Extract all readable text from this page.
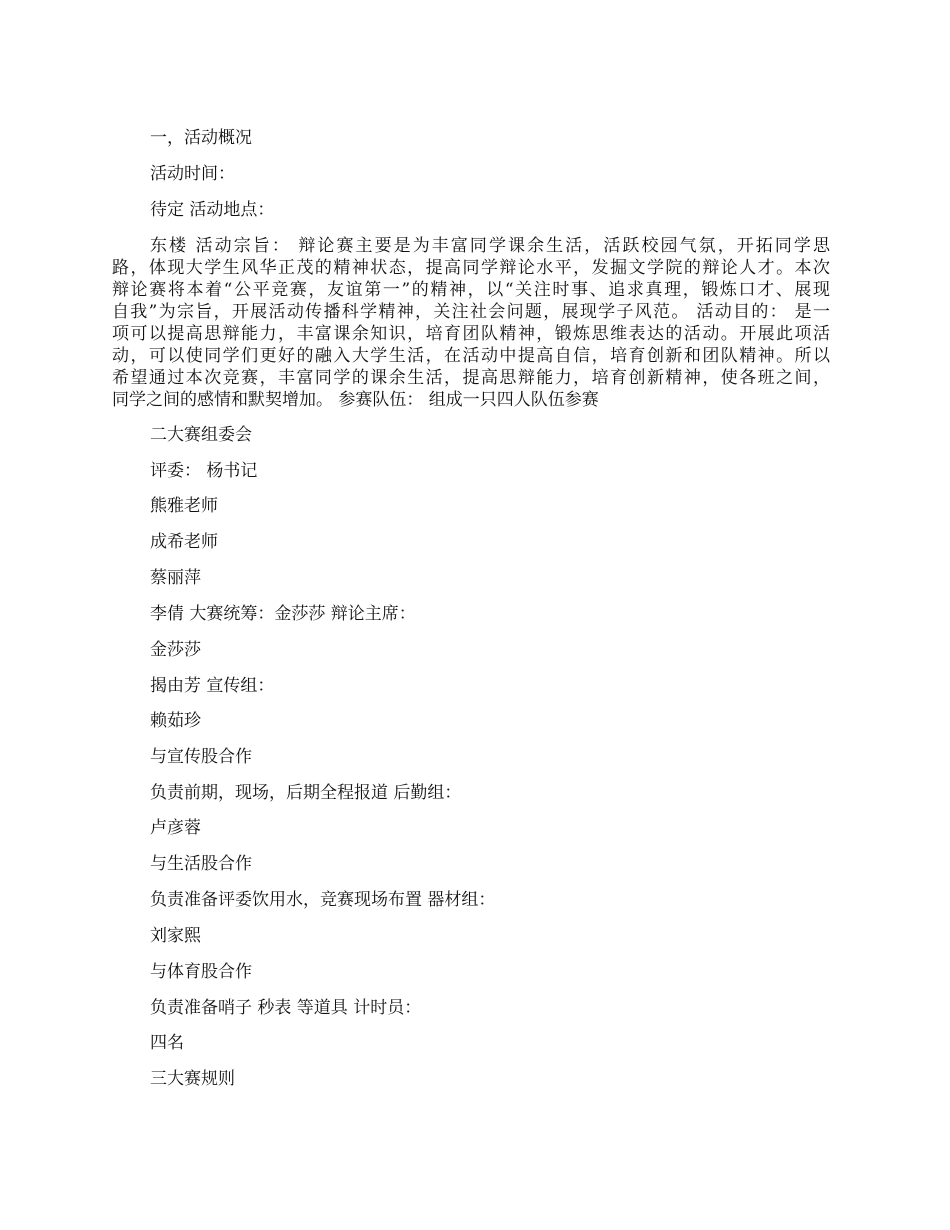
一，活动概况
活动时间：
待定 活动地点：
东楼 活动宗旨： 辩论赛主要是为丰富同学课余生活，活跃校园气氛，开拓同学思
路，体现大学生风华正茂的精神状态，提高同学辩论水平，发掘文学院的辩论人才。本次
辩论赛将本着“公平竞赛，友谊第一”的精神，以“关注时事、追求真理，锻炼口才、展现
自我”为宗旨，开展活动传播科学精神，关注社会问题，展现学子风范。 活动目的： 是一
项可以提高思辩能力，丰富课余知识，培育团队精神，锻炼思维表达的活动。开展此项活
动，可以使同学们更好的融入大学生活，在活动中提高自信，培育创新和团队精神。所以
希望通过本次竞赛，丰富同学的课余生活，提高思辩能力，培育创新精神，使各班之间，
同学之间的感情和默契增加。 参赛队伍： 组成一只四人队伍参赛
二大赛组委会
评委： 杨书记
熊雅老师
成希老师
蔡丽萍
李倩 大赛统筹：金莎莎 辩论主席：
金莎莎
揭由芳 宣传组：
赖茹珍
与宣传股合作
负责前期，现场，后期全程报道 后勤组：
卢彦蓉
与生活股合作
负责准备评委饮用水，竞赛现场布置 器材组：
刘家熙
与体育股合作
负责准备哨子 秒表 等道具 计时员：
四名
三大赛规则
